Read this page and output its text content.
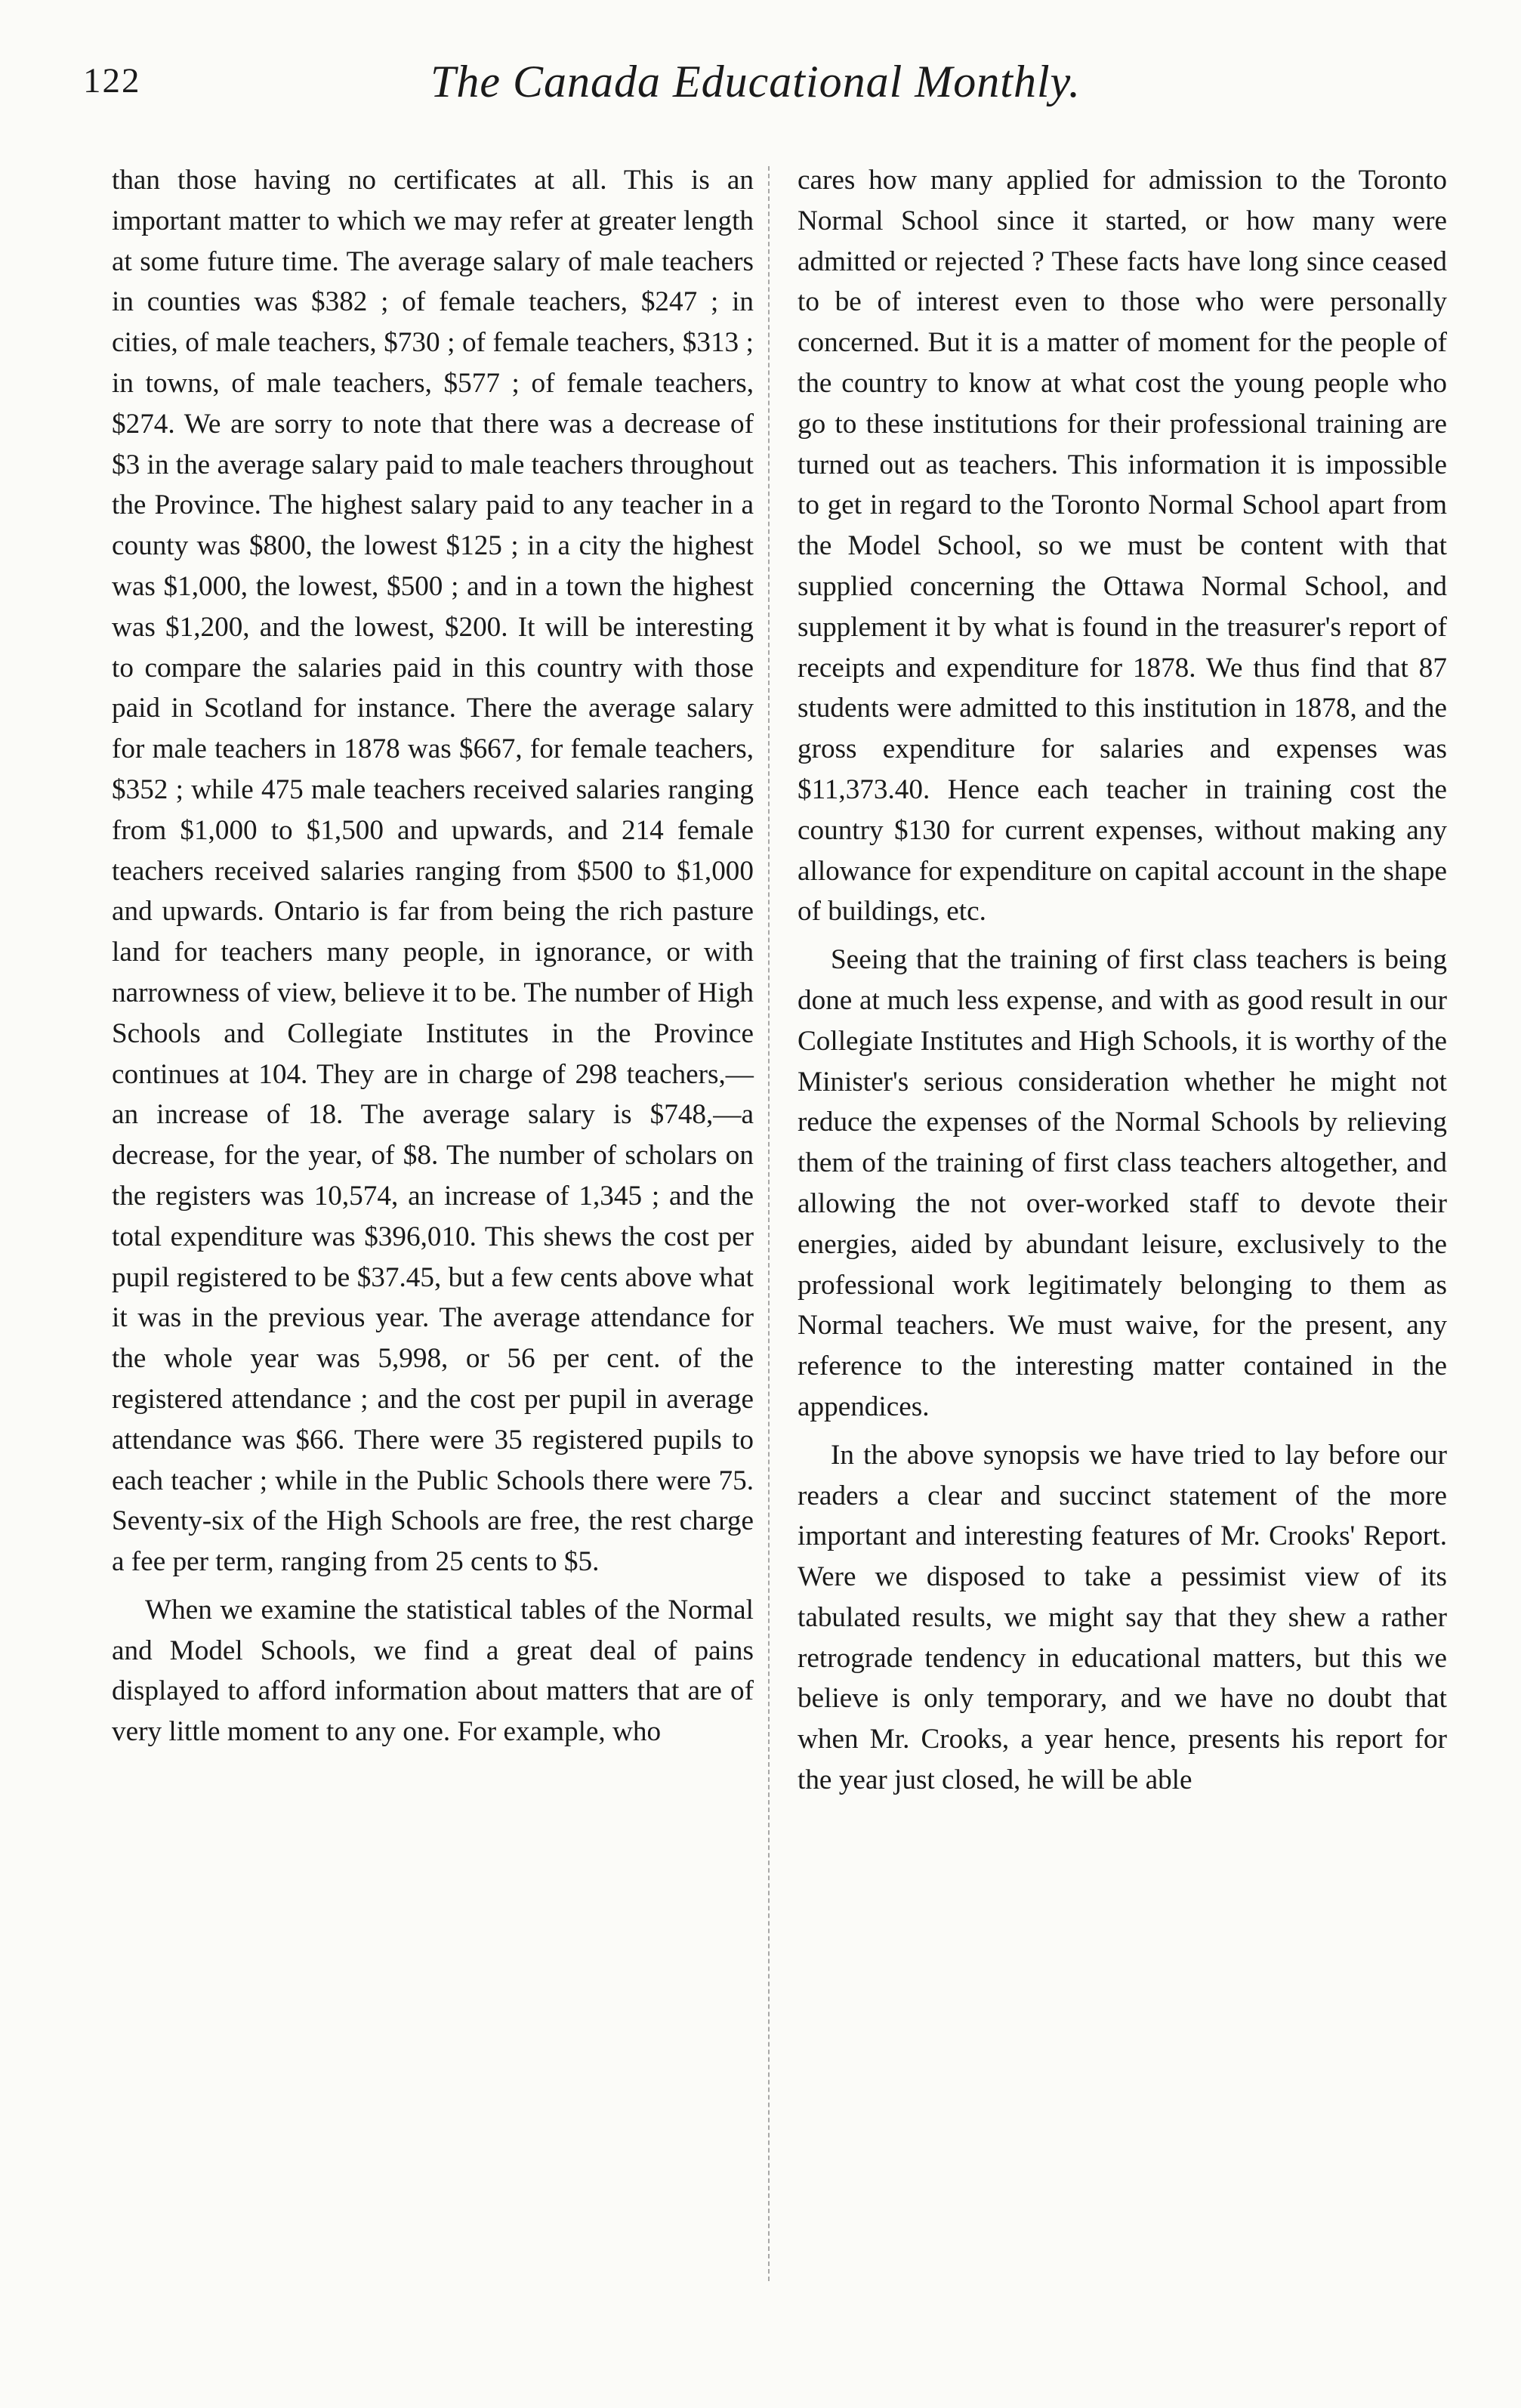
122	The Canada Educational Monthly.

than those having no certificates at all. This is an important matter to which we may refer at greater length at some future time. The average salary of male teachers in counties was $382 ; of female teachers, $247 ; in cities, of male teachers, $730 ; of female teachers, $313 ; in towns, of male teachers, $577 ; of female teachers, $274. We are sorry to note that there was a decrease of $3 in the average salary paid to male teachers throughout the Province. The highest salary paid to any teacher in a county was $800, the lowest $125 ; in a city the highest was $1,000, the lowest, $500 ; and in a town the highest was $1,200, and the lowest, $200. It will be interesting to compare the salaries paid in this country with those paid in Scotland for instance. There the average salary for male teachers in 1878 was $667, for female teachers, $352 ; while 475 male teachers received salaries ranging from $1,000 to $1,500 and upwards, and 214 female teachers received salaries ranging from $500 to $1,000 and upwards. Ontario is far from being the rich pasture land for teachers many people, in ignorance, or with narrowness of view, believe it to be. The number of High Schools and Collegiate Institutes in the Province continues at 104. They are in charge of 298 teachers,—an increase of 18. The average salary is $748,—a decrease, for the year, of $8. The number of scholars on the registers was 10,574, an increase of 1,345 ; and the total expenditure was $396,010. This shews the cost per pupil registered to be $37.45, but a few cents above what it was in the previous year. The average attendance for the whole year was 5,998, or 56 per cent. of the registered attendance ; and the cost per pupil in average attendance was $66. There were 35 registered pupils to each teacher ; while in the Public Schools there were 75. Seventy-six of the High Schools are free, the rest charge a fee per term, ranging from 25 cents to $5.

When we examine the statistical tables of the Normal and Model Schools, we find a great deal of pains displayed to afford information about matters that are of very little moment to any one. For example, who

cares how many applied for admission to the Toronto Normal School since it started, or how many were admitted or rejected ? These facts have long since ceased to be of interest even to those who were personally concerned. But it is a matter of moment for the people of the country to know at what cost the young people who go to these institutions for their professional training are turned out as teachers. This information it is impossible to get in regard to the Toronto Normal School apart from the Model School, so we must be content with that supplied concerning the Ottawa Normal School, and supplement it by what is found in the treasurer's report of receipts and expenditure for 1878. We thus find that 87 students were admitted to this institution in 1878, and the gross expenditure for salaries and expenses was $11,373.40. Hence each teacher in training cost the country $130 for current expenses, without making any allowance for expenditure on capital account in the shape of buildings, etc.

Seeing that the training of first class teachers is being done at much less expense, and with as good result in our Collegiate Institutes and High Schools, it is worthy of the Minister's serious consideration whether he might not reduce the expenses of the Normal Schools by relieving them of the training of first class teachers altogether, and allowing the not over-worked staff to devote their energies, aided by abundant leisure, exclusively to the professional work legitimately belonging to them as Normal teachers. We must waive, for the present, any reference to the interesting matter contained in the appendices.

In the above synopsis we have tried to lay before our readers a clear and succinct statement of the more important and interesting features of Mr. Crooks' Report. Were we disposed to take a pessimist view of its tabulated results, we might say that they shew a rather retrograde tendency in educational matters, but this we believe is only temporary, and we have no doubt that when Mr. Crooks, a year hence, presents his report for the year just closed, he will be able
